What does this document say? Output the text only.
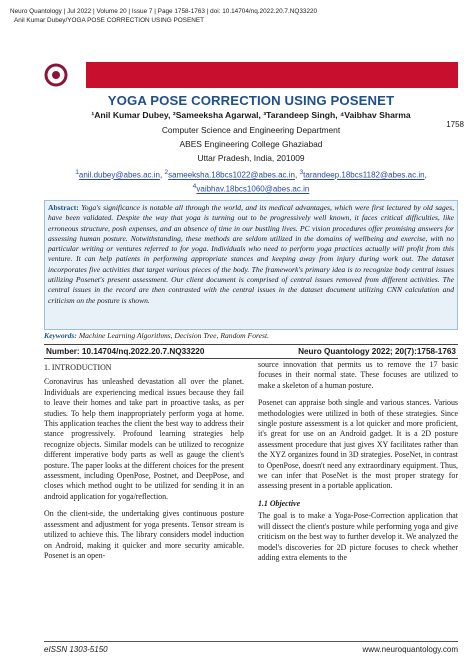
Neuro Quantology | Jul 2022 | Volume 20 | Issue 7 | Page 1758-1763 | doi: 10.14704/nq.2022.20.7.NQ33220
Anil Kumar Dubey/YOGA POSE CORRECTION USING POSENET
1758
YOGA POSE CORRECTION USING POSENET
¹Anil Kumar Dubey, ²Sameeksha Agarwal, ³Tarandeep Singh, ⁴Vaibhav Sharma
Computer Science and Engineering Department
ABES Engineering College Ghaziabad
Uttar Pradesh, India, 201009
$^1$anil.dubey@abes.ac.in, $^2$sameeksha.18bcs1022@abes.ac.in, $^3$tarandeep.18bcs1182@abes.ac.in,
$^4$vaibhav.18bcs1060@abes.ac.in

Abstract: Yoga's significance is notable all through the world, and its medical advantages, which were first lectured by old sages, have been validated. Despite the way that yoga is turning out to be progressively well known, it faces critical difficulties, like erroneous structure, posh expenses, and an absence of time in our bustling lives. PC vision procedures offer promising answers for assessing human posture. Notwithstanding, these methods are seldom utilized in the domains of wellbeing and exercise, with no particular writing or ventures referred to for yoga. Individuals who need to perform yoga practices actually will profit from this venture. It can help patients in performing appropriate stances and keeping away from injury during work out. The dataset incorporates five activities that target various pieces of the body. The framework's primary idea is to recognize body central issues utilizing Posenet's present assessment. Our client document is comprised of central issues removed from different activities. The central issues in the record are then contrasted with the central issues in the dataset document utilizing CNN calculation and criticism on the posture is shown.

Keywords: Machine Learning Algorithms, Decision Tree, Random Forest.
Number: 10.14704/nq.2022.20.7.NQ33220	Neuro Quantology 2022; 20(7):1758-1763

1. INTRODUCTION

Coronavirus has unleashed devastation all over the planet. Individuals are experiencing medical issues because they fail to leave their homes and take part in proactive tasks, as per studies. To help them inappropriately perform yoga at home. This application teaches the client the best way to address their stance progressively. Profound learning strategies help recognize objects. Similar models can be utilized to recognize different imperative body parts as well as gauge the client's posture. The paper looks at the different choices for the present assessment, including OpenPose, Postnet, and DeepPose, and closes which method ought to be utilized for sending it in an android application for yoga/reflection.

On the client-side, the undertaking gives continuous posture assessment and adjustment for yoga presents. Tensor stream is utilized to achieve this. The library considers model induction on Android, making it quicker and more security amicable. Posenet is an open-

source innovation that permits us to remove the 17 basic focuses in their normal state. These focuses are utilized to make a skeleton of a human posture.

Posenet can appraise both single and various stances. Various methodologies were utilized in both of these strategies. Since single posture assessment is a lot quicker and more proficient, it's great for use on an Android gadget. It is a 2D posture assessment procedure that just gives XY facilitates rather than the XYZ organizes found in 3D strategies. PoseNet, in contrast to OpenPose, doesn't need any extraordinary equipment. Thus, we can infer that PoseNet is the most proper strategy for assessing present in a portable application.

1.1 Objective

The goal is to make a Yoga-Pose-Correction application that will dissect the client's posture while performing yoga and give criticism on the best way to further develop it. We analyzed the model's discoveries for 2D picture focuses to check whether adding extra elements to the

eISSN 1303-5150	www.neuroquantology.com
